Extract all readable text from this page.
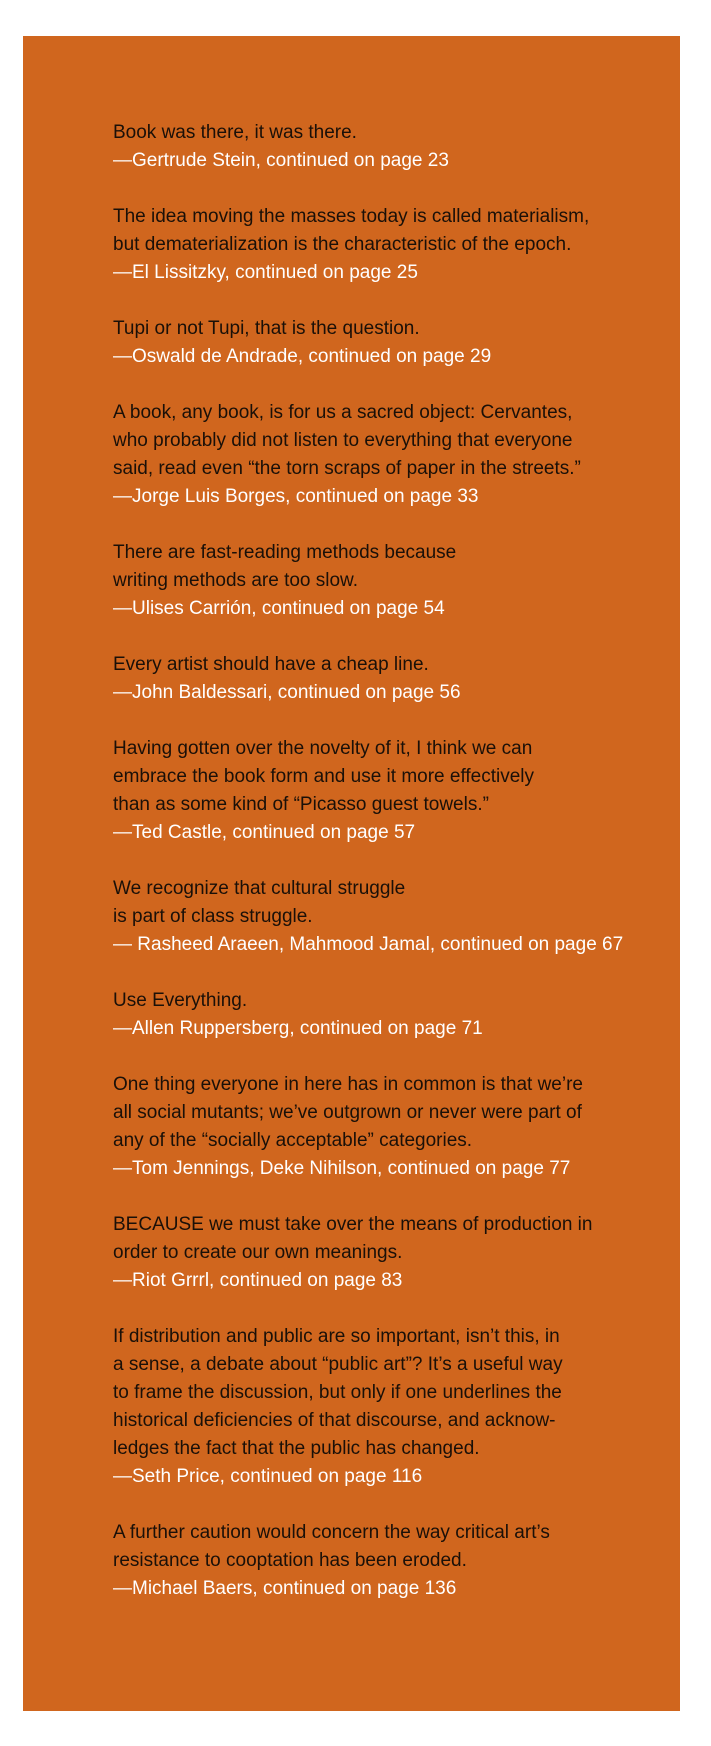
Book was there, it was there.
—Gertrude Stein, continued on page 23
The idea moving the masses today is called materialism,
but dematerialization is the characteristic of the epoch.
—El Lissitzky, continued on page 25
Tupi or not Tupi, that is the question.
—Oswald de Andrade, continued on page 29
A book, any book, is for us a sacred object: Cervantes,
who probably did not listen to everything that everyone
said, read even “the torn scraps of paper in the streets.”
—Jorge Luis Borges, continued on page 33
There are fast-reading methods because
writing methods are too slow.
—Ulises Carrión, continued on page 54
Every artist should have a cheap line.
—John Baldessari, continued on page 56
Having gotten over the novelty of it, I think we can
embrace the book form and use it more effectively
than as some kind of “Picasso guest towels.”
—Ted Castle, continued on page 57
We recognize that cultural struggle
is part of class struggle.
— Rasheed Araeen, Mahmood Jamal, continued on page 67
Use Everything.
—Allen Ruppersberg, continued on page 71
One thing everyone in here has in common is that we’re
all social mutants; we’ve outgrown or never were part of
any of the “socially acceptable” categories.
—Tom Jennings, Deke Nihilson, continued on page 77
BECAUSE we must take over the means of production in
order to create our own meanings.
—Riot Grrrl, continued on page 83
If distribution and public are so important, isn’t this, in
a sense, a debate about “public art”? It’s a useful way
to frame the discussion, but only if one underlines the
historical deficiencies of that discourse, and acknow-
ledges the fact that the public has changed.
—Seth Price, continued on page 116
A further caution would concern the way critical art’s
resistance to cooptation has been eroded.
—Michael Baers, continued on page 136
